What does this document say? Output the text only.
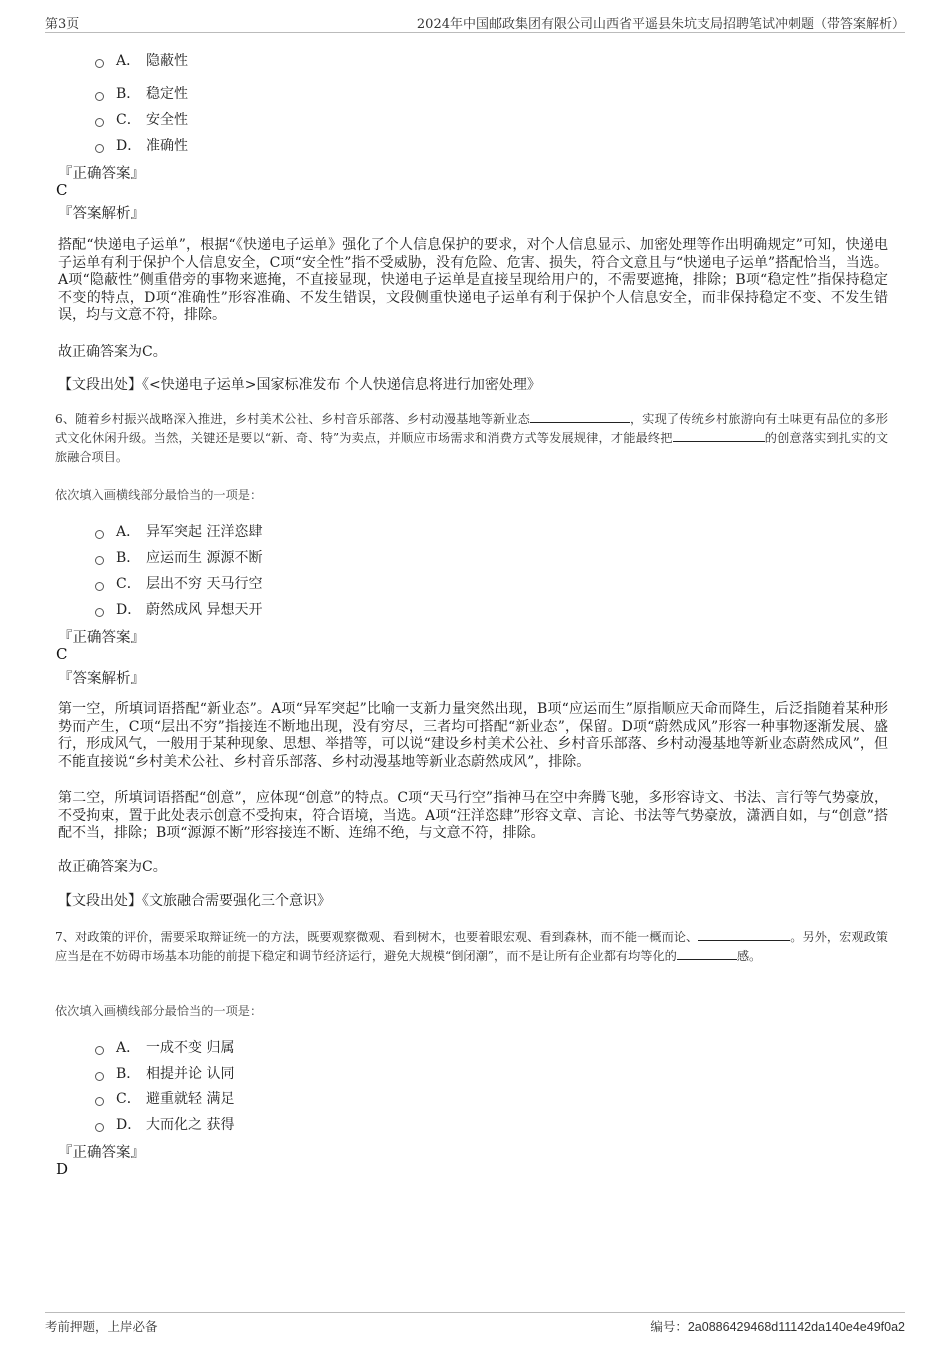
第3页	2024年中国邮政集团有限公司山西省平遥县朱坑支局招聘笔试冲刺题（带答案解析）
A． 隐蔽性
B． 稳定性
C． 安全性
D． 准确性
『正确答案』
C
『答案解析』
搭配“快递电子运单”，根据“《快递电子运单》强化了个人信息保护的要求，对个人信息显示、加密处理等作出明确规定”可知，快递电子运单有利于保护个人信息安全，C项“安全性”指不受威胁，没有危险、危害、损失，符合文意且与“快递电子运单”搭配恰当，当选。A项“隐蔽性”侧重借旁的事物来遮掩，不直接显现，快递电子运单是直接呈现给用户的，不需要遮掩，排除；B项“稳定性”指保持稳定不变的特点，D项“准确性”形容准确、不发生错误，文段侧重快递电子运单有利于保护个人信息安全，而非保持稳定不变、不发生错误，均与文意不符，排除。
故正确答案为C。
【文段出处】《<快递电子运单>国家标准发布 个人快递信息将进行加密处理》
6、随着乡村振兴战略深入推进，乡村美术公社、乡村音乐部落、乡村动漫基地等新业态	，实现了传统乡村旅游向有土味更有品位的多形式文化休闲升级。当然，关键还是要以“新、奇、特”为卖点，并顺应市场需求和消费方式等发展规律，才能最终把	的创意落实到扎实的文旅融合项目。
依次填入画横线部分最恰当的一项是：
A． 异军突起 汪洋恣肆
B． 应运而生 源源不断
C． 层出不穷 天马行空
D． 蔚然成风 异想天开
『正确答案』
C
『答案解析』
第一空，所填词语搭配“新业态”。A项“异军突起”比喻一支新力量突然出现，B项“应运而生”原指顺应天命而降生，后泛指随着某种形势而产生，C项“层出不穷”指接连不断地出现，没有穷尽，三者均可搭配“新业态”，保留。D项“蔚然成风”形容一种事物逐渐发展、盛行，形成风气，一般用于某种现象、思想、举措等，可以说“建设乡村美术公社、乡村音乐部落、乡村动漫基地等新业态蔚然成风”，但不能直接说“乡村美术公社、乡村音乐部落、乡村动漫基地等新业态蔚然成风”，排除。
第二空，所填词语搭配“创意”，应体现“创意”的特点。C项“天马行空”指神马在空中奔腾飞驰，多形容诗文、书法、言行等气势豪放，不受拘束，置于此处表示创意不受拘束，符合语境，当选。A项“汪洋恣肆”形容文章、言论、书法等气势豪放，潇洒自如，与“创意”搭配不当，排除；B项“源源不断”形容接连不断、连绵不绝，与文意不符，排除。
故正确答案为C。
【文段出处】《文旅融合需要强化三个意识》
7、对政策的评价，需要采取辩证统一的方法，既要观察微观、看到树木，也要着眼宏观、看到森林，而不能一概而论、	。另外，宏观政策应当是在不妨碍市场基本功能的前提下稳定和调节经济运行，避免大规模“倒闭潮”，而不是让所有企业都有均等化的	感。
依次填入画横线部分最恰当的一项是：
A． 一成不变 归属
B． 相提并论 认同
C． 避重就轻 满足
D． 大而化之 获得
『正确答案』
D
考前押题，上岸必备	编号：2a0886429468d11142da140e4e49f0a2
